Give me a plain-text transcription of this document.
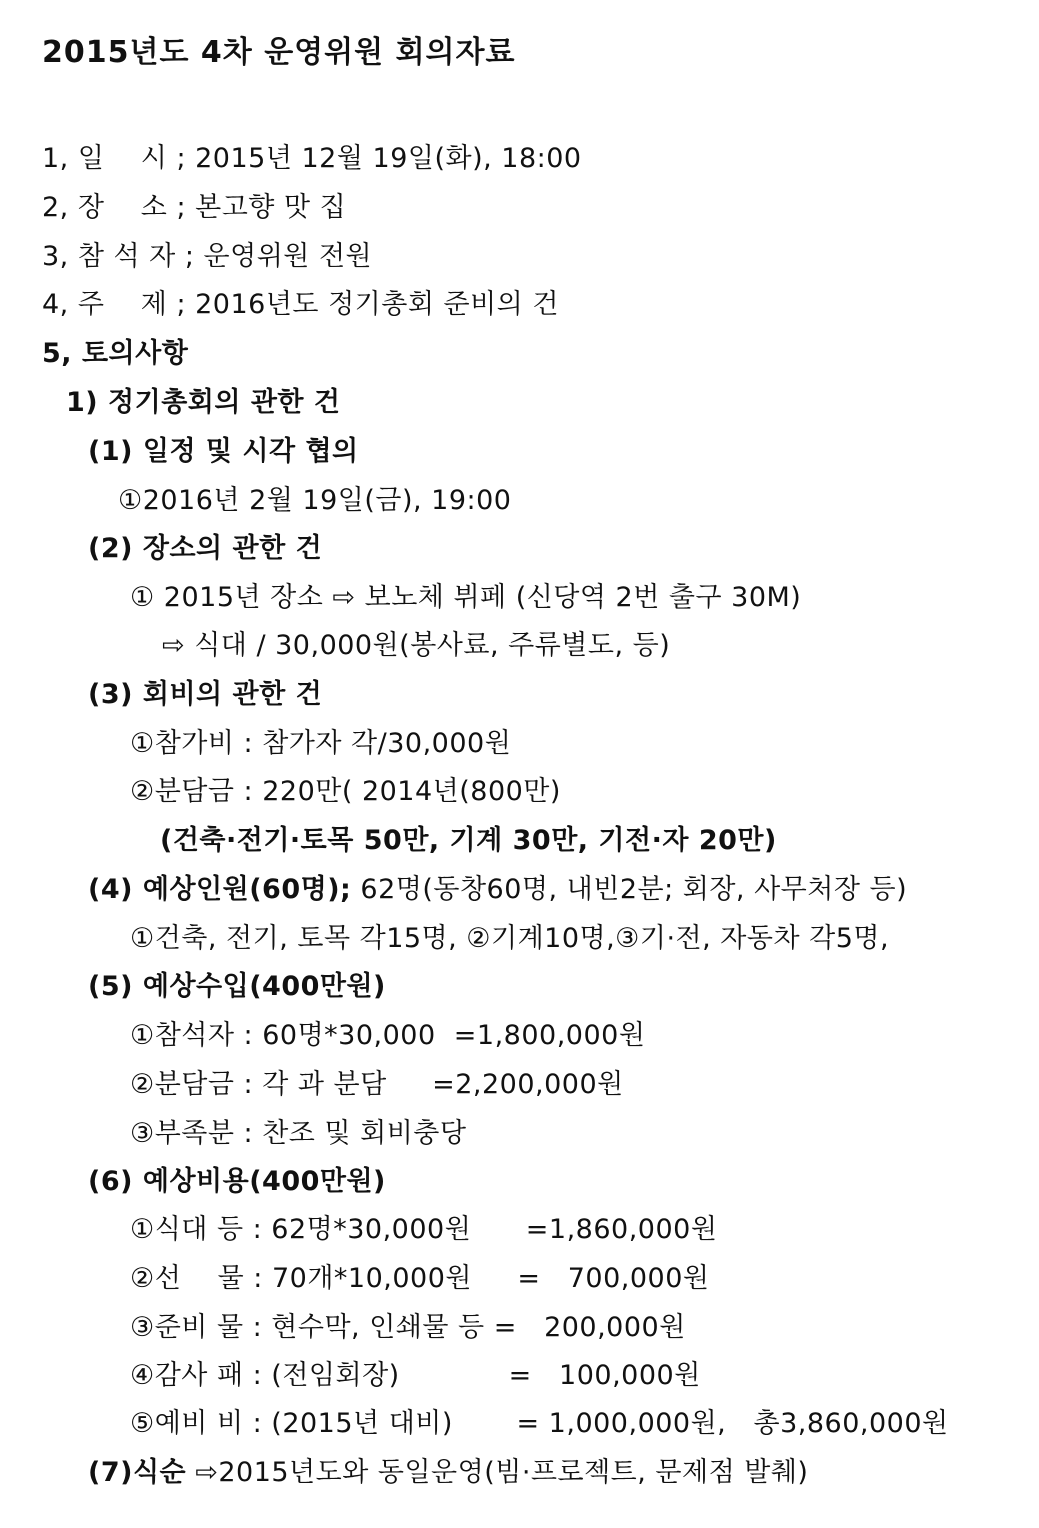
2015년도 4차 운영위원 회의자료
1, 일    시 ; 2015년 12월 19일(화), 18:00
2, 장    소 ; 본고향 맛 집
3, 참 석 자 ; 운영위원 전원
4, 주    제 ; 2016년도 정기총회 준비의 건
5, 토의사항
1) 정기총회의 관한 건
(1) 일정 및 시각 협의
①2016년 2월 19일(금), 19:00
(2) 장소의 관한 건
① 2015년 장소 ⇨ 보노체 뷔페 (신당역 2번 출구 30M)
⇨ 식대 / 30,000원(봉사료, 주류별도, 등)
(3) 회비의 관한 건
①참가비 : 참가자 각/30,000원
②분담금 : 220만( 2014년(800만)
(건축·전기·토목 50만, 기계 30만, 기전·자 20만)
(4) 예상인원(60명); 62명(동창60명, 내빈2분; 회장, 사무처장 등)
①건축, 전기, 토목 각15명, ②기계10명,③기·전, 자동차 각5명,
(5) 예상수입(400만원)
①참석자 : 60명*30,000  =1,800,000원
②분담금 : 각 과 분담     =2,200,000원
③부족분 : 찬조 및 회비충당
(6) 예상비용(400만원)
①식대 등 : 62명*30,000원      =1,860,000원
②선    물 : 70개*10,000원     =   700,000원
③준비 물 : 현수막, 인쇄물 등 =   200,000원
④감사 패 : (전임회장)            =   100,000원
⑤예비 비 : (2015년 대비)       = 1,000,000원,   총3,860,000원
(7)식순 ⇨2015년도와 동일운영(빔·프로젝트, 문제점 발췌)
